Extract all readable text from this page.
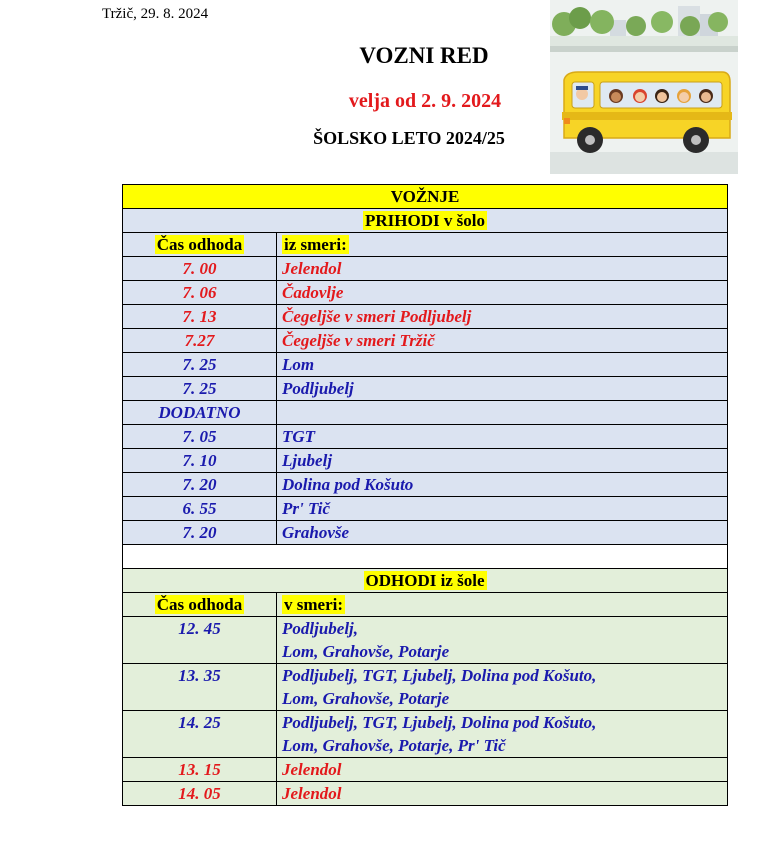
Tržič, 29. 8. 2024
VOZNI RED
velja od 2. 9. 2024
ŠOLSKO LETO 2024/25
VOŽNJE	
PRIHODI v šolo	
Čas odhoda	iz smeri:
7. 00	Jelendol
7. 06	Čadovlje
7. 13	Čegeljše v smeri Podljubelj
7.27	Čegeljše v smeri Tržič
7. 25	Lom
7. 25	Podljubelj
DODATNO	
7. 05	TGT
7. 10	Ljubelj
7. 20	Dolina pod Košuto
6. 55	Pr' Tič
7. 20	Grahovše

ODHODI iz šole	
Čas odhoda	v smeri:
12. 45	Podljubelj,
Lom, Grahovše, Potarje

13. 35	Podljubelj, TGT, Ljubelj, Dolina pod Košuto,
Lom, Grahovše, Potarje

14. 25	Podljubelj, TGT, Ljubelj, Dolina pod Košuto,
Lom, Grahovše, Potarje, Pr' Tič

13. 15	Jelendol
14. 05	Jelendol
